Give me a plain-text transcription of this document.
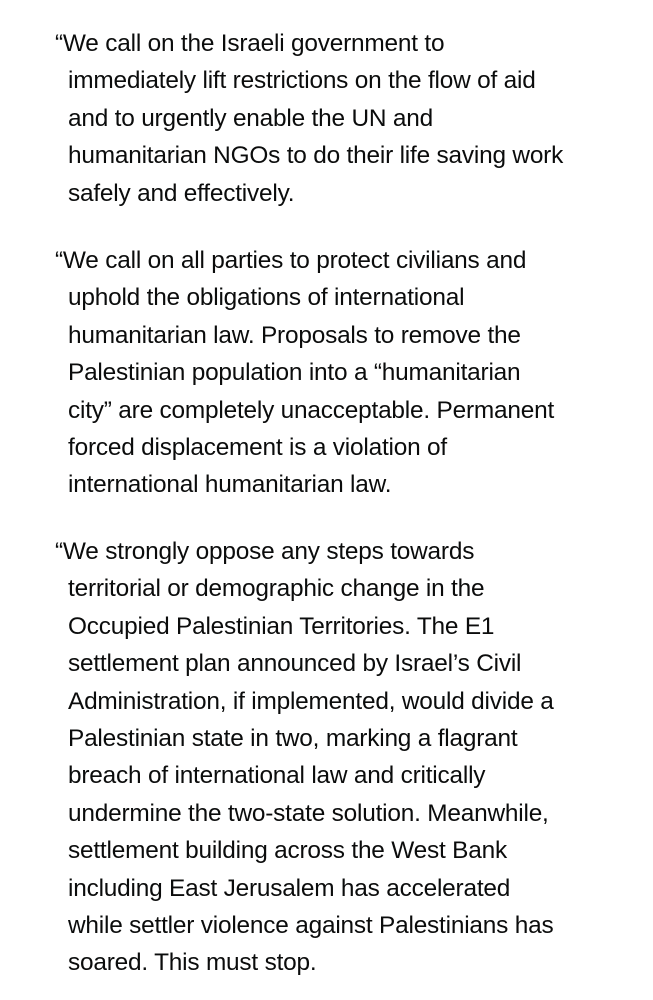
“We call on the Israeli government to
immediately lift restrictions on the flow of aid
and to urgently enable the UN and
humanitarian NGOs to do their life saving work
safely and effectively.

“We call on all parties to protect civilians and
uphold the obligations of international
humanitarian law. Proposals to remove the
Palestinian population into a “humanitarian
city” are completely unacceptable. Permanent
forced displacement is a violation of
international humanitarian law.

“We strongly oppose any steps towards
territorial or demographic change in the
Occupied Palestinian Territories. The E1
settlement plan announced by Israel’s Civil
Administration, if implemented, would divide a
Palestinian state in two, marking a flagrant
breach of international law and critically
undermine the two-state solution. Meanwhile,
settlement building across the West Bank
including East Jerusalem has accelerated
while settler violence against Palestinians has
soared. This must stop.
